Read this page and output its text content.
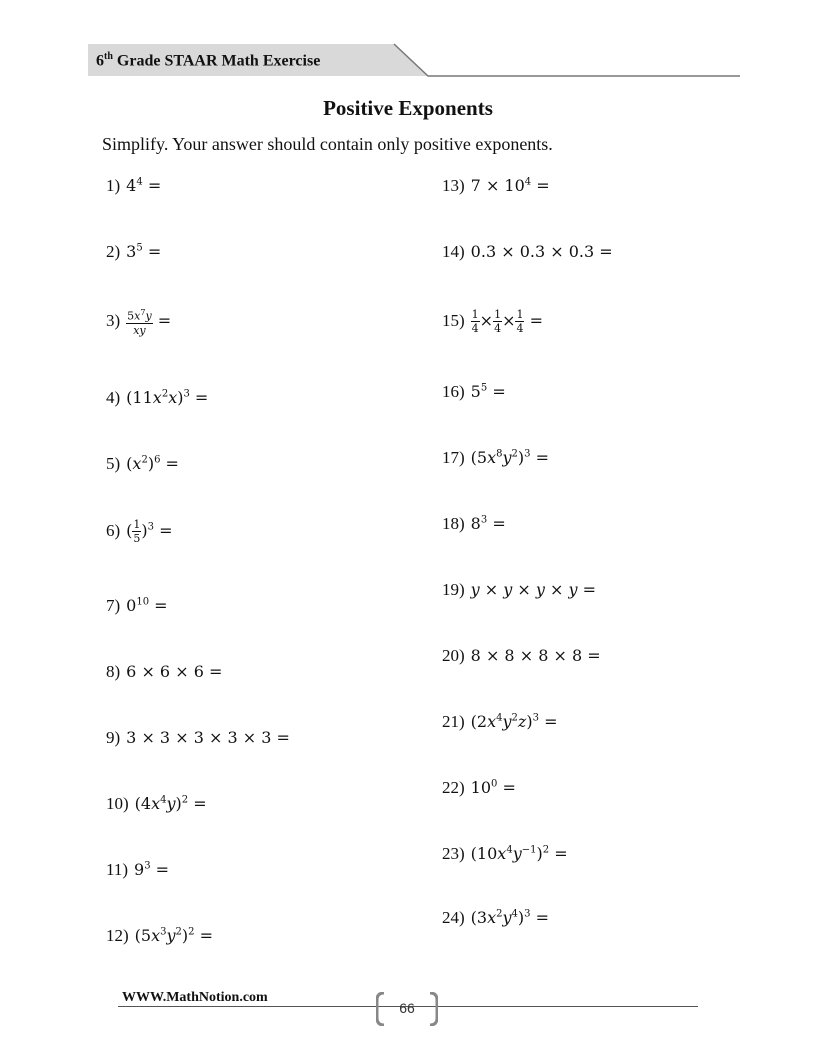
6th Grade STAAR Math Exercise
Positive Exponents
Simplify. Your answer should contain only positive exponents.
1) $4^4$ =
2) $3^5$ =
$3) \frac{5x^7y}{xy}$ =
4) $(11x^2x)^3$ =
5) $(x^2)^6$ =
6) ( $\frac{1}{5} )^3$ =
7) $0^{10}$ =
8) 6 × 6 × 6 =
9) 3 × 3 × 3 × 3 × 3 =
10) $(4x^4y)^2$ =
11) $9^3$ =
12) $(5x^3y^2)^2$ =
13) $7 \times 10^4$ =
14) 0.3 × 0.3 × 0.3 =
$15) \frac{1}{4} \times \frac{1}{4} \times \frac{1}{4}$ =
16) $5^5$ =
17) $(5x^8y^2)^3$ =
18) $8^3$ =
19) y × y × y × y =
20) 8 × 8 × 8 × 8 =
21) $(2x^4y^2z)^3$ =
22) $10^0$ =
23) $(10x^4y^{-1})^2$ =
24) $(3x^2y^4)^3$ =
WWW.MathNotion.com
66
